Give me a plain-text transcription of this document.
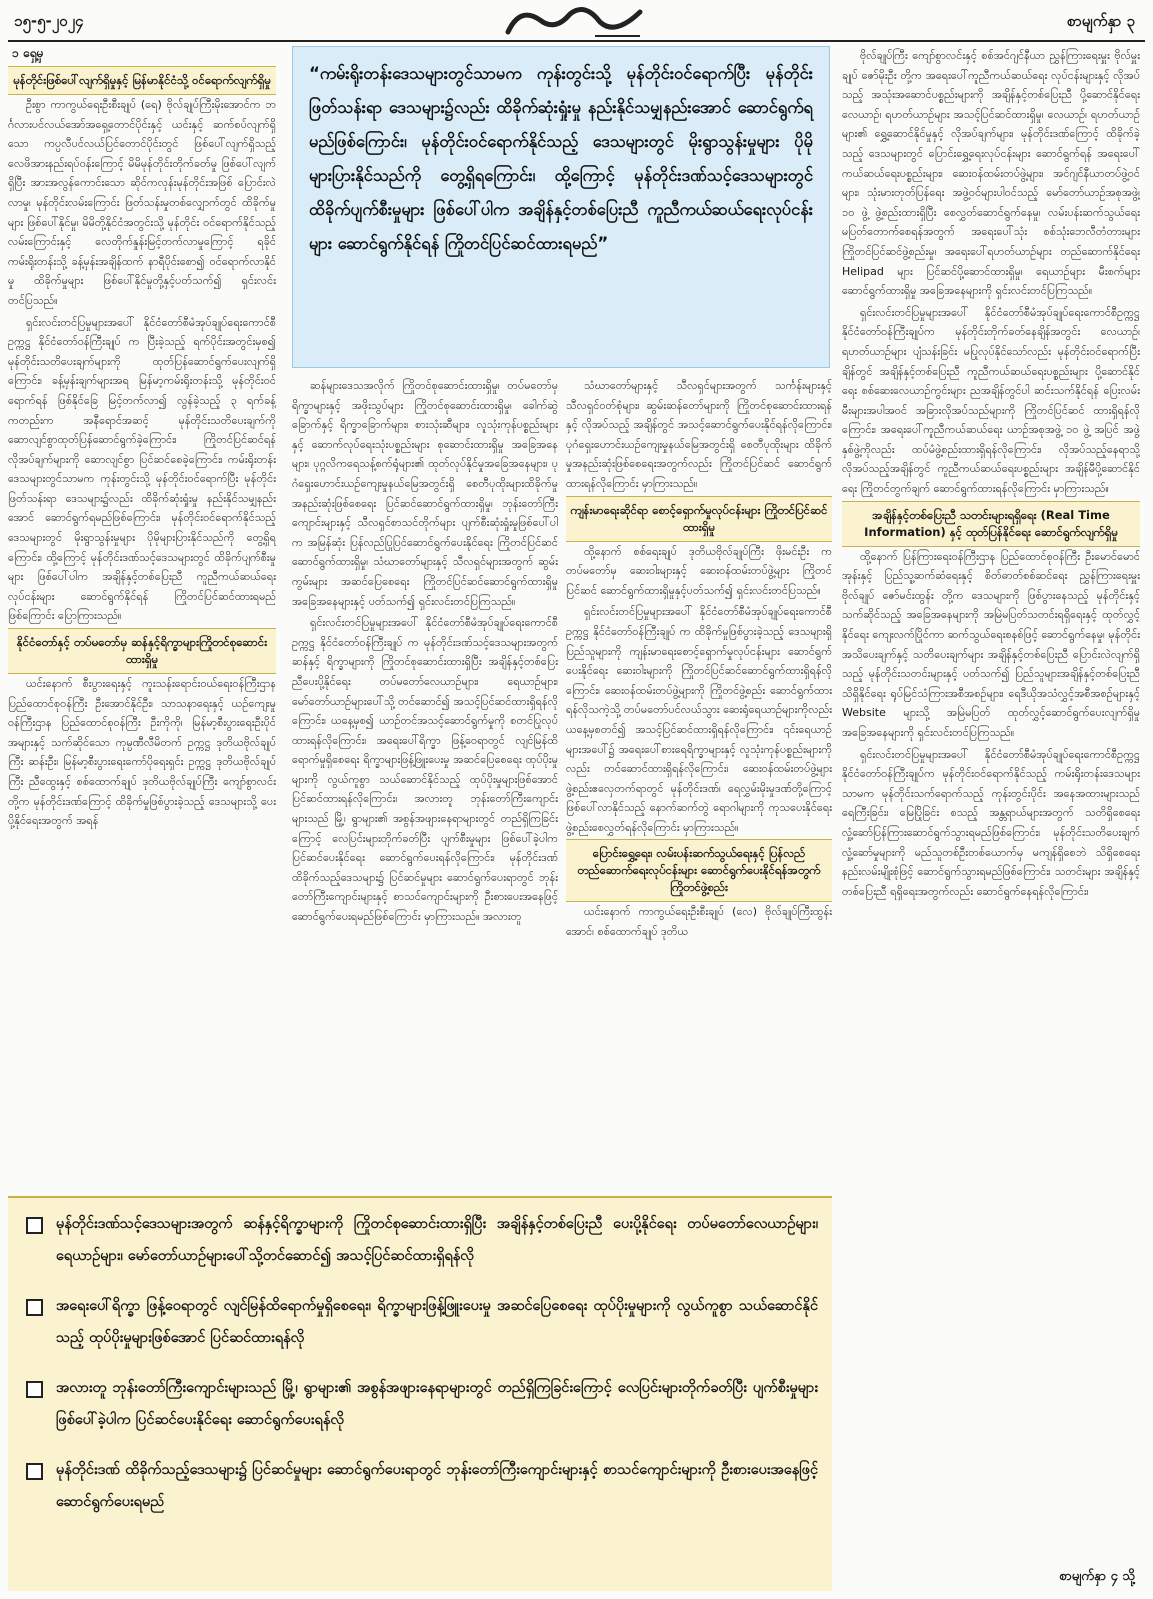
၁၅-၅-၂၀၂၄	စာမျက်နှာ ၃
၁ ရှေ့မှ
မုန်တိုင်းဖြစ်ပေါ်လျက်ရှိမှုနှင့် မြန်မာနိုင်ငံသို့ ဝင်ရောက်လျက်ရှိမှု

ဦးစွာ ကာကွယ်ရေးဦးစီးချုပ် (ရေ) ဗိုလ်ချုပ်ကြီးမိုးအောင်က ဘင်္ဂလားပင်လယ်အော်အရှေ့တောင်ပိုင်းနှင့် ယင်းနှင့် ဆက်စပ်လျက်ရှိသော ကပ္ပလီပင်လယ်ပြင်တောင်ပိုင်းတွင် ဖြစ်ပေါ်လျက်ရှိသည့် လေဖိအားနည်းရပ်ဝန်းကြောင့် မိမိမုန်တိုင်းတိုက်ခတ်မှု ဖြစ်ပေါ်လျက်ရှိပြီး အားအလွန်ကောင်းသော ဆိုင်ကလုန်းမုန်တိုင်းအဖြစ် ပြောင်းလဲလာမှု၊ မုန်တိုင်းလမ်းကြောင်း ဖြတ်သန်းမှုတစ်လျှောက်တွင် ထိခိုက်မှုများ ဖြစ်ပေါ်နိုင်မှု၊ မိမိတို့နိုင်ငံအတွင်းသို့ မုန်တိုင်း ဝင်ရောက်နိုင်သည့် လမ်းကြောင်းနှင့် လေတိုက်နှုန်းမြင့်တက်လာမှုကြောင့် ရခိုင်ကမ်းရိုးတန်းသို့ ခန့်မှန်းအချိန်ထက် နာရီပိုင်းစော၍ ဝင်ရောက်လာနိုင်မှု ထိခိုက်မှုများ ဖြစ်ပေါ်နိုင်မှုတို့နှင့်ပတ်သက်၍ ရှင်းလင်းတင်ပြသည်။

ရှင်းလင်းတင်ပြမှုများအပေါ် နိုင်ငံတော်စီမံအုပ်ချုပ်ရေးကောင်စီဥက္ကဋ္ဌ နိုင်ငံတော်ဝန်ကြီးချုပ် က ပြီးခဲ့သည့် ရက်ပိုင်းအတွင်းမှစ၍ မုန်တိုင်းသတိပေးချက်များကို ထုတ်ပြန်ဆောင်ရွက်ပေးလျက်ရှိကြောင်း၊ ခန့်မှန်းချက်များအရ မြန်မာ့ကမ်းရိုးတန်းသို့ မုန်တိုင်းဝင်ရောက်ရန် ဖြစ်နိုင်ခြေ မြင့်တက်လာ၍ လွန်ခဲ့သည့် ၃ ရက်ခန့်ကတည်းက အနီရောင်အဆင့် မုန်တိုင်းသတိပေးချက်ကို ဆောလျင်စွာထုတ်ပြန်ဆောင်ရွက်ခဲ့ကြောင်း၊ ကြိုတင်ပြင်ဆင်ရန် လိုအပ်ချက်များကို ဆောလျင်စွာ ပြင်ဆင်စေခဲ့ကြောင်း၊ ကမ်းရိုးတန်းဒေသများတွင်သာမက ကုန်းတွင်းသို့ မုန်တိုင်းဝင်ရောက်ပြီး မုန်တိုင်းဖြတ်သန်းရာ ဒေသများ၌လည်း ထိခိုက်ဆုံးရှုံးမှု နည်းနိုင်သမျှနည်းအောင် ဆောင်ရွက်ရမည်ဖြစ်ကြောင်း၊ မုန်တိုင်းဝင်ရောက်နိုင်သည့် ဒေသများတွင် မိုးရွာသွန်းမှုများ ပိုမိုများပြားနိုင်သည်ကို တွေ့ရှိရကြောင်း၊ ထို့ကြောင့် မုန်တိုင်းဒဏ်သင့်ဒေသများတွင် ထိခိုက်ပျက်စီးမှုများ ဖြစ်ပေါ်ပါက အချိန်နှင့်တစ်ပြေးညီ ကူညီကယ်ဆယ်ရေး လုပ်ငန်းများ ဆောင်ရွက်နိုင်ရန် ကြိုတင်ပြင်ဆင်ထားရမည်ဖြစ်ကြောင်း ပြောကြားသည်။

နိုင်ငံတော်နှင့် တပ်မတော်မှ ဆန်နှင့်ရိက္ခာများကြိုတင်စုဆောင်းထားရှိမှု

ယင်းနောက် စီးပွားရေးနှင့် ကူးသန်းရောင်းဝယ်ရေးဝန်ကြီးဌာန ပြည်ထောင်စုဝန်ကြီး ဦးအောင်နိုင်ဦး၊ သာသနာရေးနှင့် ယဉ်ကျေးမှုဝန်ကြီးဌာန ပြည်ထောင်စုဝန်ကြီး ဦးကိုကို၊ မြန်မာ့စီးပွားရေးဦးပိုင်အများနှင့် သက်ဆိုင်သော ကုမ္ပဏီလီမိတက် ဥက္ကဋ္ဌ ဒုတိယဗိုလ်ချုပ်ကြီး ဆန်းဦး၊ မြန်မာ့စီးပွားရေးကော်ပိုရေးရှင်း ဥက္ကဋ္ဌ ဒုတိယဗိုလ်ချုပ်ကြီး ညီထွေးနှင့် စစ်ထောက်ချုပ် ဒုတိယဗိုလ်ချုပ်ကြီး ကျော်စွာလင်းတို့က မုန်တိုင်းဒဏ်ကြောင့် ထိခိုက်မှုဖြစ်ပွားခဲ့သည့် ဒေသများသို့ ပေးပို့နိုင်ရေးအတွက် အရန်

“ကမ်းရိုးတန်းဒေသများတွင်သာမက ကုန်းတွင်းသို့ မုန်တိုင်းဝင်ရောက်ပြီး မုန်တိုင်းဖြတ်သန်းရာ ဒေသများ၌လည်း ထိခိုက်ဆုံးရှုံးမှု နည်းနိုင်သမျှနည်းအောင် ဆောင်ရွက်ရမည်ဖြစ်ကြောင်း၊ မုန်တိုင်းဝင်ရောက်နိုင်သည့် ဒေသများတွင် မိုးရွာသွန်းမှုများ ပိုမိုများပြားနိုင်သည်ကို တွေ့ရှိရကြောင်း၊ ထို့ကြောင့် မုန်တိုင်းဒဏ်သင့်ဒေသများတွင် ထိခိုက်ပျက်စီးမှုများ ဖြစ်ပေါ်ပါက အချိန်နှင့်တစ်ပြေးညီ ကူညီကယ်ဆယ်ရေးလုပ်ငန်းများ ဆောင်ရွက်နိုင်ရန် ကြိုတင်ပြင်ဆင်ထားရမည်”

ဆန်များဒေသအလိုက် ကြိုတင်စုဆောင်းထားရှိမှု၊ တပ်မတော်မှ ရိက္ခာများနှင့် အဖိုးသွပ်များ ကြိုတင်စုဆောင်းထားရှိမှု၊ ခေါက်ဆွဲခြောက်နှင့် ရိက္ခာခြောက်များ၊ စားသုံးဆီများ၊ လူသုံးကုန်ပစ္စည်းများနှင့် ဆောက်လုပ်ရေးသုံးပစ္စည်းများ စုဆောင်းထားရှိမှု အခြေအနေများ၊ ပုဂ္ဂလိကရေသန့်စက်ရုံများ၏ ထုတ်လုပ်နိုင်မှုအခြေအနေများ၊ ပုဂံရှေးဟောင်းယဉ်ကျေးမှုနယ်မြေအတွင်းရှိ စေတီပုထိုးများထိခိုက်မှု အနည်းဆုံးဖြစ်စေရေး ပြင်ဆင်ဆောင်ရွက်ထားရှိမှု၊ ဘုန်းတော်ကြီးကျောင်းများနှင့် သီလရှင်စာသင်တိုက်များ ပျက်စီးဆုံးရှုံးမှုဖြစ်ပေါ်ပါက အမြန်ဆုံး ပြန်လည်ပြုပြင်ဆောင်ရွက်ပေးနိုင်ရေး ကြိုတင်ပြင်ဆင်ဆောင်ရွက်ထားရှိမှု၊ သံဃာတော်များနှင့် သီလရှင်များအတွက် ဆွမ်းကွမ်းများ အဆင်ပြေစေရေး ကြိုတင်ပြင်ဆင်ဆောင်ရွက်ထားရှိမှုအခြေအနေများနှင့် ပတ်သက်၍ ရှင်းလင်းတင်ပြကြသည်။

ရှင်းလင်းတင်ပြမှုများအပေါ် နိုင်ငံတော်စီမံအုပ်ချုပ်ရေးကောင်စီဥက္ကဋ္ဌ နိုင်ငံတော်ဝန်ကြီးချုပ် က မုန်တိုင်းဒဏ်သင့်ဒေသများအတွက် ဆန်နှင့် ရိက္ခာများကို ကြိုတင်စုဆောင်းထားရှိပြီး အချိန်နှင့်တစ်ပြေးညီပေးပို့နိုင်ရေး တပ်မတော်လေယာဉ်များ၊ ရေယာဉ်များ၊ မော်တော်ယာဉ်များပေါ်သို့ တင်ဆောင်၍ အသင့်ပြင်ဆင်ထားရှိရန်လိုကြောင်း၊ ယနေ့မှစ၍ ယာဉ်တင်အသင့်ဆောင်ရွက်မှုကို စတင်ပြုလုပ်ထားရန်လိုကြောင်း၊ အရေးပေါ်ရိက္ခာ ဖြန့်ဝေရာတွင် လျင်မြန်ထိရောက်မှုရှိစေရေး ရိက္ခာများဖြန့်ဖြူးပေးမှု အဆင်ပြေစေရေး ထုပ်ပိုးမှုများကို လွယ်ကူစွာ သယ်ဆောင်နိုင်သည့် ထုပ်ပိုးမှုများဖြစ်အောင် ပြင်ဆင်ထားရန်လိုကြောင်း၊ အလားတူ ဘုန်းတော်ကြီးကျောင်းများသည် မြို့၊ ရွာများ၏ အစွန်အဖျားနေရာများတွင် တည်ရှိကြခြင်းကြောင့် လေပြင်းများတိုက်ခတ်ပြီး ပျက်စီးမှုများ ဖြစ်ပေါ်ခဲ့ပါက ပြင်ဆင်ပေးနိုင်ရေး ဆောင်ရွက်ပေးရန်လိုကြောင်း၊ မုန်တိုင်းဒဏ် ထိခိုက်သည့်ဒေသများ၌ ပြင်ဆင်မှုများ ဆောင်ရွက်ပေးရာတွင် ဘုန်းတော်ကြီးကျောင်းများနှင့် စာသင်ကျောင်းများကို ဦးစားပေးအနေဖြင့် ဆောင်ရွက်ပေးရမည်ဖြစ်ကြောင်း မှာကြားသည်။ အလားတူ

သံဃာတော်များနှင့် သီလရှင်များအတွက် သင်္ကန်းများနှင့် သီလရှင်ဝတ်စုံများ၊ ဆွမ်းဆန်တော်များကို ကြိုတင်စုဆောင်းထားရန်နှင့် လိုအပ်သည့် အချိန်တွင် အသင့်ဆောင်ရွက်ပေးနိုင်ရန်လိုကြောင်း၊ ပုဂံရှေးဟောင်းယဉ်ကျေးမှုနယ်မြေအတွင်းရှိ စေတီပုထိုးများ ထိခိုက်မှုအနည်းဆုံးဖြစ်စေရေးအတွက်လည်း ကြိုတင်ပြင်ဆင် ဆောင်ရွက်ထားရန်လိုကြောင်း မှာကြားသည်။

ကျန်းမာရေးဆိုင်ရာ စောင့်ရှောက်မှုလုပ်ငန်းများ ကြိုတင်ပြင်ဆင်ထားရှိမှု

ထို့နောက် စစ်ရေးချုပ် ဒုတိယဗိုလ်ချုပ်ကြီး ဖိုးမင်းဦး က တပ်မတော်မှ ဆေးဝါးများနှင့် ဆေးဝန်ထမ်းတပ်ဖွဲ့များ ကြိုတင်ပြင်ဆင် ဆောင်ရွက်ထားရှိမှုနှင့်ပတ်သက်၍ ရှင်းလင်းတင်ပြသည်။

ရှင်းလင်းတင်ပြမှုများအပေါ် နိုင်ငံတော်စီမံအုပ်ချုပ်ရေးကောင်စီဥက္ကဋ္ဌ နိုင်ငံတော်ဝန်ကြီးချုပ် က ထိခိုက်မှုဖြစ်ပွားခဲ့သည့် ဒေသများရှိ ပြည်သူများကို ကျန်းမာရေးစောင့်ရှောက်မှုလုပ်ငန်းများ ဆောင်ရွက်ပေးနိုင်ရေး ဆေးဝါးများကို ကြိုတင်ပြင်ဆင်ဆောင်ရွက်ထားရှိရန်လိုကြောင်း၊ ဆေးဝန်ထမ်းတပ်ဖွဲ့များကို ကြိုတင်ဖွဲ့စည်း ဆောင်ရွက်ထားရန်လိုသကဲ့သို့ တပ်မတော်ပင်လယ်သွား ဆေးရုံရေယာဉ်များကိုလည်း ယနေ့မှစတင်၍ အသင့်ပြင်ဆင်ထားရှိရန်လိုကြောင်း၊ ၎င်းရေယာဉ်များအပေါ်၌ အရေးပေါ်စားရေရိက္ခာများနှင့် လူသုံးကုန်ပစ္စည်းများကိုလည်း တင်ဆောင်ထားရှိရန်လိုကြောင်း၊ ဆေးဝန်ထမ်းတပ်ဖွဲ့များ ဖွဲ့စည်းဧလှေတက်ရာတွင် မုန်တိုင်းဒဏ်၊ ရေလွှမ်းမိုးမှုဒဏ်တို့ကြောင့် ဖြစ်ပေါ်လာနိုင်သည့် နောက်ဆက်တွဲ ရောဂါများကို ကုသပေးနိုင်ရေး ဖွဲ့စည်းစေလွှတ်ရန်လိုကြောင်း မှာကြားသည်။

ပြောင်းရွှေ့ရေး၊ လမ်းပန်းဆက်သွယ်ရေးနှင့် ပြန်လည်တည်ဆောက်ရေးလုပ်ငန်းများ ဆောင်ရွက်ပေးနိုင်ရန်အတွက် ကြိုတင်ဖွဲ့စည်း

ယင်းနောက် ကာကွယ်ရေးဦးစီးချုပ် (လေ) ဗိုလ်ချုပ်ကြီးထွန်းအောင်၊ စစ်ထောက်ချုပ် ဒုတိယ

ဗိုလ်ချုပ်ကြီး ကျော်စွာလင်းနှင့် စစ်အင်ဂျင်နီယာ ညွှန်ကြားရေးမှူး ဗိုလ်မှူးချုပ် ဇော်မိုးဦး တို့က အရေးပေါ်ကူညီကယ်ဆယ်ရေး လုပ်ငန်းများနှင့် လိုအပ်သည့် အသုံးအဆောင်ပစ္စည်းများကို အချိန်နှင့်တစ်ပြေးညီ ပို့ဆောင်နိုင်ရေး လေယာဉ်၊ ရဟတ်ယာဉ်များ အသင့်ပြင်ဆင်ထားရှိမှု၊ လေယာဉ်၊ ရဟတ်ယာဉ်များ၏ ရွှေ့ဆောင်နိုင်မှုနှင့် လိုအပ်ချက်များ၊ မုန်တိုင်းဒဏ်ကြောင့် ထိခိုက်ခဲ့သည့် ဒေသများတွင် ပြောင်းရွှေ့ရေးလုပ်ငန်းများ ဆောင်ရွက်ရန် အရေးပေါ်ကယ်ဆယ်ရေးပစ္စည်းများ၊ ဆေးဝန်ထမ်းတပ်ဖွဲ့များ၊ အင်ဂျင်နီယာတပ်ဖွဲ့ဝင်များ၊ သုံးမားတုတ်ပြန်ရေး အဖွဲ့ဝင်များပါဝင်သည့် မော်တော်ယာဉ်အစုအဖွဲ့၊ ၁၀ ဖွဲ့ ဖွဲ့စည်းထားရှိပြီး စေလွှတ်ဆောင်ရွက်နေမှု၊ လမ်းပန်းဆက်သွယ်ရေး မပြတ်တောက်စေရန်အတွက် အရေးပေါ်သုံး စစ်သုံးဘေလီတံတားများ ကြိုတင်ပြင်ဆင်ဖွဲ့စည်းမှု၊ အရေးပေါ်ရဟတ်ယာဉ်များ တည်ဆောက်နိုင်ရေး Helipad များ ပြင်ဆင်ပို့ဆောင်ထားရှိမှု၊ ရေယာဉ်များ မီးစက်များ ဆောင်ရွက်ထားရှိမှု အခြေအနေများကို ရှင်းလင်းတင်ပြကြသည်။

ရှင်းလင်းတင်ပြမှုများအပေါ် နိုင်ငံတော်စီမံအုပ်ချုပ်ရေးကောင်စီဥက္ကဋ္ဌ နိုင်ငံတော်ဝန်ကြီးချုပ်က မုန်တိုင်းတိုက်ခတ်နေချိန်အတွင်း လေယာဉ်၊ ရဟတ်ယာဉ်များ ပျံသန်းခြင်း မပြုလုပ်နိုင်သော်လည်း မုန်တိုင်းဝင်ရောက်ပြီးချိန်တွင် အချိန်နှင့်တစ်ပြေးညီ ကူညီကယ်ဆယ်ရေးပစ္စည်းများ ပို့ဆောင်နိုင်ရေး စစ်ဆေးလေယာဉ်ကွင်းများ ညအချိန်တွင်ပါ ဆင်းသက်နိုင်ရန် ပြေးလမ်းမီးများအပါအဝင် အခြားလိုအပ်သည်များကို ကြိုတင်ပြင်ဆင် ထားရှိရန်လိုကြောင်း၊ အရေးပေါ်ကူညီကယ်ဆယ်ရေး ယာဉ်အစုအဖွဲ့ ၁၀ ဖွဲ့ အပြင် အဖွဲ့ နှစ်ဖွဲ့ကိုလည်း ထပ်မံဖွဲ့စည်းထားရှိရန်လိုကြောင်း၊ လိုအပ်သည့်နေရာသို့ လိုအပ်သည့်အချိန်တွင် ကူညီကယ်ဆယ်ရေးပစ္စည်းများ အချိန်မီပို့ဆောင်နိုင်ရေး ကြိုတင်တွက်ချက် ဆောင်ရွက်ထားရန်လိုကြောင်း မှာကြားသည်။

အချိန်နှင့်တစ်ပြေးညီ သတင်းများရရှိရေး (Real Time Information) နှင့် ထုတ်ပြန်နိုင်ရေး ဆောင်ရွက်လျက်ရှိမှု

ထို့နောက် ပြန်ကြားရေးဝန်ကြီးဌာန ပြည်ထောင်စုဝန်ကြီး ဦးမောင်မောင်အုန်းနှင့် ပြည်သူ့ဆက်ဆံရေးနှင့် စိတ်ဓာတ်စစ်ဆင်ရေး ညွှန်ကြားရေးမှူး ဗိုလ်ချုပ် ဇော်မင်းထွန်း တို့က ဒေသများကို ဖြစ်ပွားနေသည့် မုန်တိုင်းနှင့်သက်ဆိုင်သည့် အခြေအနေများကို အမြဲမပြတ်သတင်းရရှိရေးနှင့် ထုတ်လွှင့်နိုင်ရေး ကျေးလက်ပြိုင်ကာ ဆက်သွယ်ရေးစနစ်ဖြင့် ဆောင်ရွက်နေမှု၊ မုန်တိုင်းအသိပေးချက်နှင့် သတိပေးချက်များ အချိန်နှင့်တစ်ပြေးညီ ပြောင်းလဲလျက်ရှိသည့် မုန်တိုင်းသတင်းများနှင့် ပတ်သက်၍ ပြည်သူများအချိန်နှင့်တစ်ပြေးညီ သိရှိနိုင်ရေး ရုပ်မြင်သံကြားအစီအစဉ်များ၊ ရေဒီယိုအသံလွှင့်အစီအစဉ်များနှင့် Website များသို့ အမြဲမပြတ် ထုတ်လွှင့်ဆောင်ရွက်ပေးလျက်ရှိမှု အခြေအနေများကို ရှင်းလင်းတင်ပြကြသည်။

ရှင်းလင်းတင်ပြမှုများအပေါ် နိုင်ငံတော်စီမံအုပ်ချုပ်ရေးကောင်စီဥက္ကဋ္ဌ နိုင်ငံတော်ဝန်ကြီးချုပ်က မုန်တိုင်းဝင်ရောက်နိုင်သည့် ကမ်းရိုးတန်းဒေသများသာမက မုန်တိုင်းသက်ရောက်သည့် ကုန်းတွင်းပိုင်း အနေအထားများသည် ရေကြီးခြင်း၊ မြေပြိုခြင်း စသည့် အန္တရာယ်များအတွက် သတိရှိစေရေး လှုံ့ဆော်ပြန်ကြားဆောင်ရွက်သွားရမည်ဖြစ်ကြောင်း၊ မုန်တိုင်းသတိပေးချက် လှုံ့ဆော်မှုများကို မည်သူတစ်ဦးတစ်ယောက်မှ မကျန်ရှိစေဘဲ သိရှိစေရေး နည်းလမ်းမျိုးစုံဖြင့် ဆောင်ရွက်သွားရမည်ဖြစ်ကြောင်း၊ သတင်းများ အချိန်နှင့်တစ်ပြေးညီ ရရှိရေးအတွက်လည်း ဆောင်ရွက်နေရန်လိုကြောင်း၊

မုန်တိုင်းဒဏ်သင့်ဒေသများအတွက် ဆန်နှင့်ရိက္ခာများကို ကြိုတင်စုဆောင်းထားရှိပြီး အချိန်နှင့်တစ်ပြေးညီ ပေးပို့နိုင်ရေး တပ်မတော်လေယာဉ်များ၊ ရေယာဉ်များ၊ မော်တော်ယာဉ်များပေါ်သို့တင်ဆောင်၍ အသင့်ပြင်ဆင်ထားရှိရန်လို
အရေးပေါ်ရိက္ခာ ဖြန့်ဝေရာတွင် လျင်မြန်ထိရောက်မှုရှိစေရေး၊ ရိက္ခာများဖြန့်ဖြူးပေးမှု အဆင်ပြေစေရေး ထုပ်ပိုးမှုများကို လွယ်ကူစွာ သယ်ဆောင်နိုင်သည့် ထုပ်ပိုးမှုများဖြစ်အောင် ပြင်ဆင်ထားရန်လို
အလားတူ ဘုန်းတော်ကြီးကျောင်းများသည် မြို့၊ ရွာများ၏ အစွန်အဖျားနေရာများတွင် တည်ရှိကြခြင်းကြောင့် လေပြင်းများတိုက်ခတ်ပြီး ပျက်စီးမှုများဖြစ်ပေါ်ခဲ့ပါက ပြင်ဆင်ပေးနိုင်ရေး ဆောင်ရွက်ပေးရန်လို
မုန်တိုင်းဒဏ် ထိခိုက်သည့်ဒေသများ၌ ပြင်ဆင်မှုများ ဆောင်ရွက်ပေးရာတွင် ဘုန်းတော်ကြီးကျောင်းများနှင့် စာသင်ကျောင်းများကို ဦးစားပေးအနေဖြင့် ဆောင်ရွက်ပေးရမည်
စာမျက်နှာ ၄ သို့
